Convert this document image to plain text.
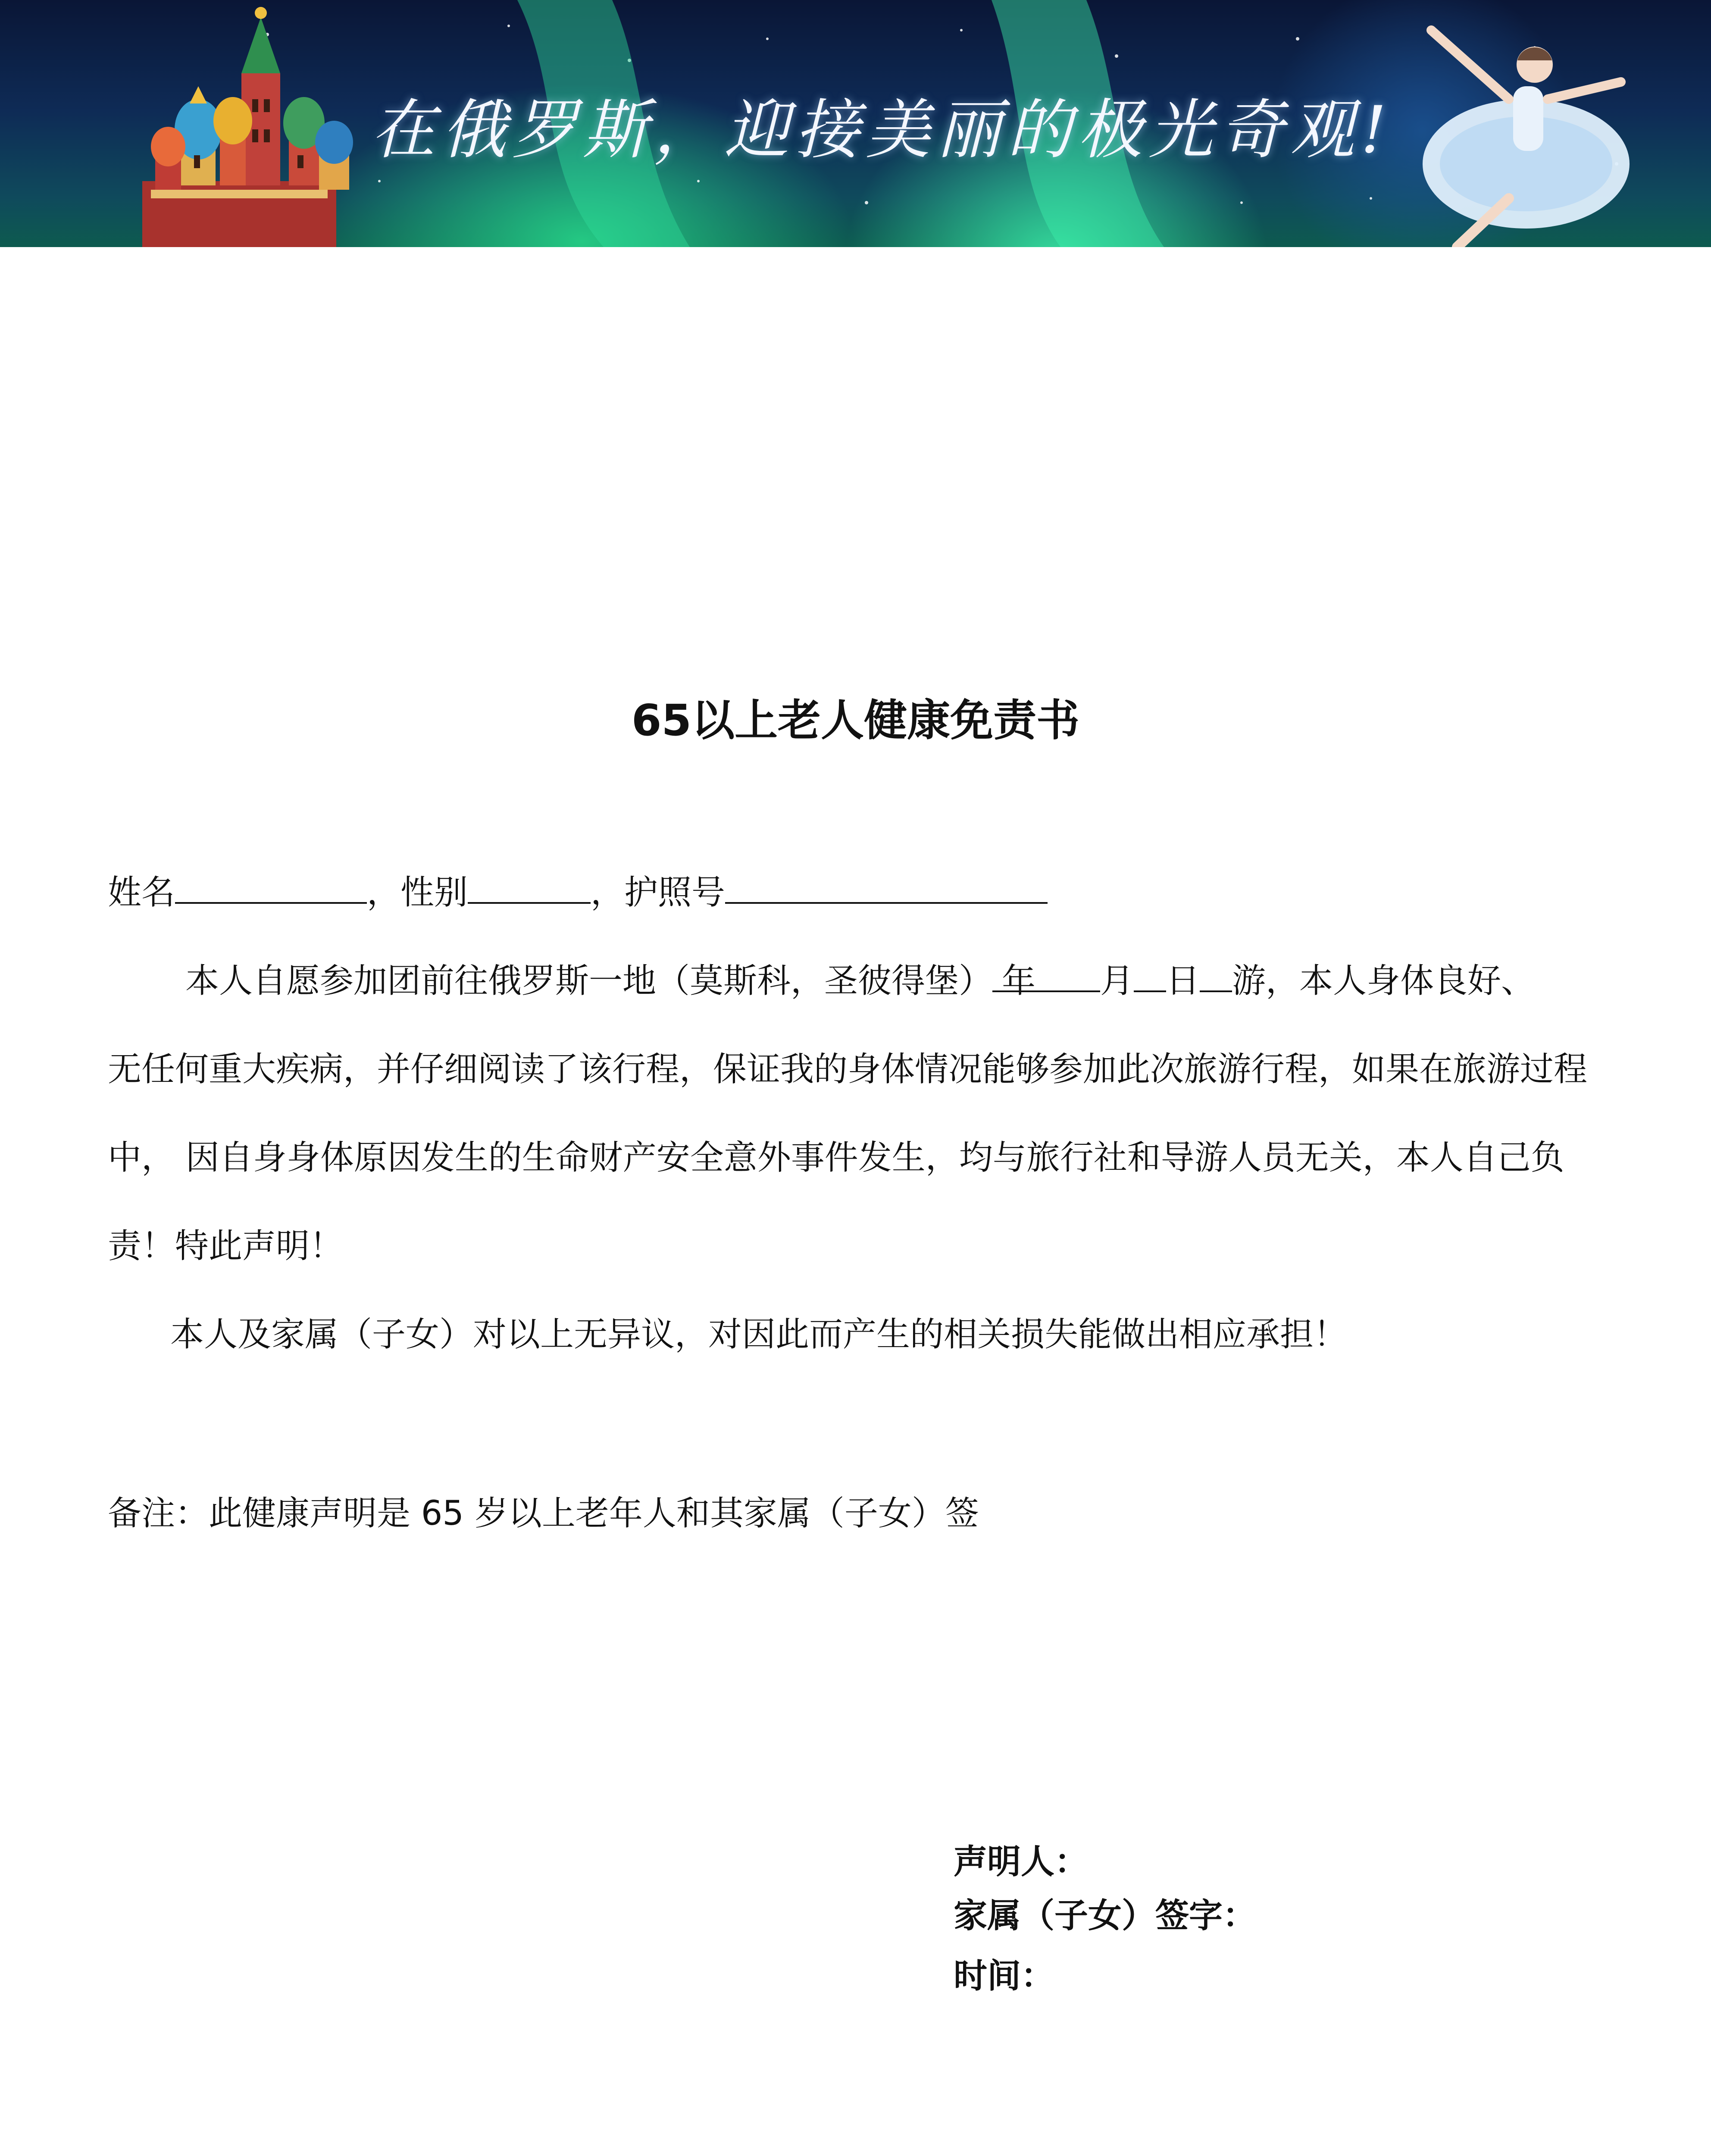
在俄罗斯，迎接美丽的极光奇观!
65以上老人健康免责书
姓名	，性别	，护照号
本人自愿参加团前往俄罗斯一地（莫斯科，圣彼得堡） 年 月 日 游，本人身体良好、
无任何重大疾病，并仔细阅读了该行程，保证我的身体情况能够参加此次旅游行程，如果在旅游过程
中， 因自身身体原因发生的生命财产安全意外事件发生，均与旅行社和导游人员无关，本人自己负
责！特此声明！
本人及家属（子女）对以上无异议，对因此而产生的相关损失能做出相应承担！
备注：此健康声明是 65 岁以上老年人和其家属（子女）签
声明人：
家属（子女）签字：
时间：
